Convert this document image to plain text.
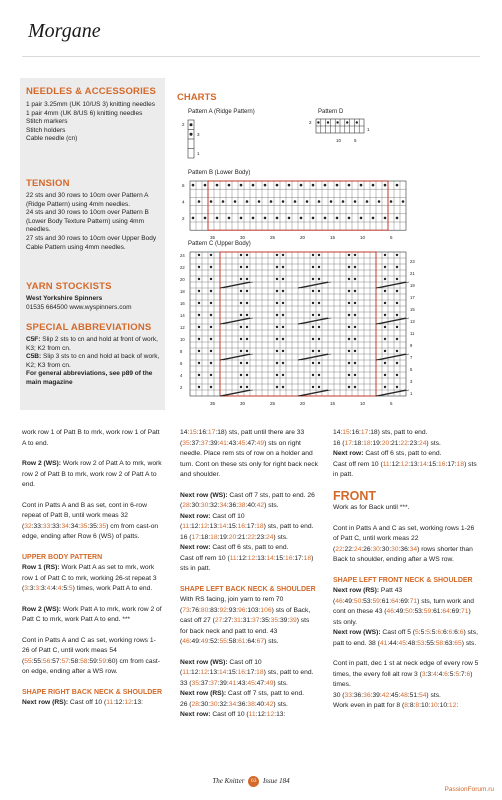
Morgane
NEEDLES & ACCESSORIES
1 pair 3.25mm (UK 10/US 3) knitting needles
1 pair 4mm (UK 8/US 6) knitting needles
Stitch markers
Stitch holders
Cable needle (cn)
TENSION
22 sts and 30 rows to 10cm over Pattern A (Ridge Pattern) using 4mm needles.
24 sts and 30 rows to 10cm over Pattern B (Lower Body Texture Pattern) using 4mm needles.
27 sts and 30 rows to 10cm over Upper Body Cable Pattern using 4mm needles.
YARN STOCKISTS
West Yorkshire Spinners
01535 664500 www.wyspinners.com
SPECIAL ABBREVIATIONS
C5F: Slip 2 sts to cn and hold at front of work, K3; K2 from cn.
C5B: Slip 3 sts to cn and hold at back of work, K2; K3 from cn.
For general abbreviations, see p89 of the main magazine
CHARTS
Pattern A (Ridge Pattern)	Pattern D
Pattern B (Lower Body)
Pattern C (Upper Body)
3
1
2	2
1
10	5
6
4
2
35	30	25	20	15	10	5
24
22
20
18
16
14
12
10
8
6
4
2
23
21
19
17
15
13
11
9
7
5
3
1
35	30	25	20	15	10	5

work row 1 of Patt B to mrk, work row 1 of Patt A to end.

Row 2 (WS): Work row 2 of Patt A to mrk, work row 2 of Patt B to mrk, work row 2 of Patt A to end.

Cont in Patts A and B as set, cont in 6-row repeat of Patt B, until work meas 32 (32:33:33:33:34:34:35:35:35) cm from cast-on edge, ending after Row 6 (WS) of patts.

UPPER BODY PATTERN

Row 1 (RS): Work Patt A as set to mrk, work row 1 of Patt C to mrk, working 26-st repeat 3 (3:3:3:3:4:4:4:5:5) times, work Patt A to end.

Row 2 (WS): Work Patt A to mrk, work row 2 of Patt C to mrk, work Patt A to end. ***

Cont in Patts A and C as set, working rows 1-26 of Patt C, until work meas 54 (55:55:56:57:57:58:58:59:59:60) cm from cast-on edge, ending after a WS row.

SHAPE RIGHT BACK NECK & SHOULDER

Next row (RS): Cast off 10 (11:12:12:13:

14:15:16:17:18) sts, patt until there are 33 (35:37:37:39:41:43:45:47:49) sts on right needle. Place rem sts of row on a holder and turn. Cont on these sts only for right back neck and shoulder.

Next row (WS): Cast off 7 sts, patt to end. 26 (28:30:30:32:34:36:38:40:42) sts.
Next row: Cast off 10 (11:12:12:13:14:15:16:17:18) sts, patt to end.
16 (17:18:18:19:20:21:22:23:24) sts.
Next row: Cast off 6 sts, patt to end.
Cast off rem 10 (11:12:12:13:14:15:16:17:18) sts in patt.

SHAPE LEFT BACK NECK & SHOULDER

With RS facing, join yarn to rem 70 (73:76:80:83:92:93:96:103:106) sts of Back, cast off 27 (27:27:31:31:37:35:35:39:39) sts for back neck and patt to end. 43 (46:49:49:52:55:58:61:64:67) sts.

Next row (WS): Cast off 10 (11:12:12:13:14:15:16:17:18) sts, patt to end.
33 (35:37:37:39:41:43:45:47:49) sts.
Next row (RS): Cast off 7 sts, patt to end.
26 (28:30:30:32:34:36:38:40:42) sts.
Next row: Cast off 10 (11:12:12:13:

14:15:16:17:18) sts, patt to end.
16 (17:18:18:19:20:21:22:23:24) sts.
Next row: Cast off 6 sts, patt to end.
Cast off rem 10 (11:12:12:13:14:15:16:17:18) sts in patt.

FRONT

Work as for Back until ***.

Cont in Patts A and C as set, working rows 1-26 of Patt C, until work meas 22 (22:22:24:26:30:30:30:36:34) rows shorter than Back to shoulder, ending after a WS row.

SHAPE LEFT FRONT NECK & SHOULDER

Next row (RS): Patt 43 (46:49:50:53:59:61:64:69:71) sts, turn work and cont on these 43 (46:49:50:53:59:61:64:69:71) sts only.
Next row (WS): Cast off 5 (5:5:5:5:6:6:6:6:6) sts, patt to end. 38 (41:44:45:48:53:55:58:63:65) sts.

Cont in patt, dec 1 st at neck edge of every row 5 times, the every foll alt row 3 (3:3:4:4:6:5:5:7:6) times.
30 (33:36:36:39:42:45:48:51:54) sts.
Work even in patt for 8 (8:8:8:10:10:10:12:

The Knitter 63 Issue 184
PassionForum.ru
